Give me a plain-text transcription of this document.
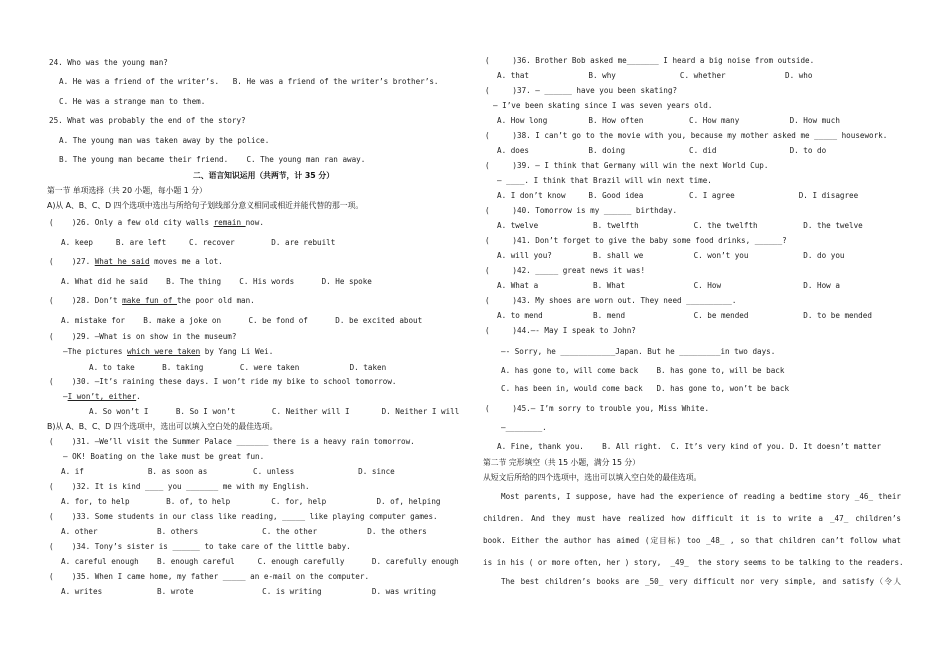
24. Who was the young man?
A. He was a friend of the writer’s.   B. He was a friend of the writer’s brother’s.
C. He was a strange man to them.
25. What was probably the end of the story?
A. The young man was taken away by the police.
B. The young man became their friend.    C. The young man ran away.
二、语言知识运用（共两节，计 35 分）
第一节 单项选择（共 20 小题，每小题 1 分）
A)从 A、B、C、D 四个选项中选出与所给句子划线部分意义相同或相近并能代替的那一项。
(    )26. Only a few old city walls remain now.
A. keep     B. are left     C. recover        D. are rebuilt
(    )27. What he said moves me a lot.
A. What did he said    B. The thing    C. His words      D. He spoke
(    )28. Don’t make fun of the poor old man.
A. mistake for    B. make a joke on      C. be fond of      D. be excited about
(    )29. —What is on show in the museum?
—The pictures which were taken by Yang Li Wei.
A. to take      B. taking        C. were taken           D. taken
(    )30. —It’s raining these days. I won’t ride my bike to school tomorrow.
—I won’t, either.
A. So won’t I      B. So I won’t        C. Neither will I       D. Neither I will
B)从 A、B、C、D 四个选项中，选出可以填入空白处的最佳选项。
(    )31. —We’ll visit the Summer Palace _______ there is a heavy rain tomorrow.
— OK! Boating on the lake must be great fun.
A. if              B. as soon as          C. unless              D. since
(    )32. It is kind ____ you _______ me with my English.
A. for, to help        B. of, to help         C. for, help           D. of, helping
(    )33. Some students in our class like reading, _____ like playing computer games.
A. other             B. others              C. the other           D. the others
(    )34. Tony’s sister is ______ to take care of the little baby.
A. careful enough    B. enough careful     C. enough carefully      D. carefully enough
(    )35. When I came home, my father _____ an e-mail on the computer.
A. writes            B. wrote               C. is writing           D. was writing
(     )36. Brother Bob asked me_______ I heard a big noise from outside.
A. that             B. why              C. whether             D. who
(     )37. — ______ have you been skating?
— I’ve been skating since I was seven years old.
A. How long         B. How often          C. How many           D. How much
(     )38. I can’t go to the movie with you, because my mother asked me _____ housework.
A. does             B. doing              C. did                D. to do
(     )39. — I think that Germany will win the next World Cup.
— ____. I think that Brazil will win next time.
A. I don’t know     B. Good idea          C. I agree              D. I disagree
(     )40. Tomorrow is my ______ birthday.
A. twelve            B. twelfth            C. the twelfth          D. the twelve
(     )41. Don’t forget to give the baby some food drinks, ______?
A. will you?         B. shall we           C. won’t you            D. do you
(     )42. _____ great news it was!
A. What a            B. What               C. How                  D. How a
(     )43. My shoes are worn out. They need __________.
A. to mend           B. mend               C. be mended            D. to be mended
(     )44.—- May I speak to John?
—- Sorry, he ____________Japan. But he _________in two days.
A. has gone to, will come back    B. has gone to, will be back
C. has been in, would come back   D. has gone to, won’t be back
(     )45.— I’m sorry to trouble you, Miss White.
—________.
A. Fine, thank you.    B. All right.  C. It’s very kind of you. D. It doesn’t matter
第二节 完形填空（共 15 小题，满分 15 分）
从短文后所给的四个选项中，选出可以填入空白处的最佳选项。
Most parents, I suppose, have had the experience of reading a bedtime story _46_ their
children. And they must have realized how difficult it is to write a _47_ children’s
book. Either the author has aimed (定目标) too _48_ , so that children can’t follow what
is in his ( or more often, her ) story,  _49_  the story seems to be talking to the readers.
The best children’s books are _50_ very difficult nor very simple, and satisfy（令人
